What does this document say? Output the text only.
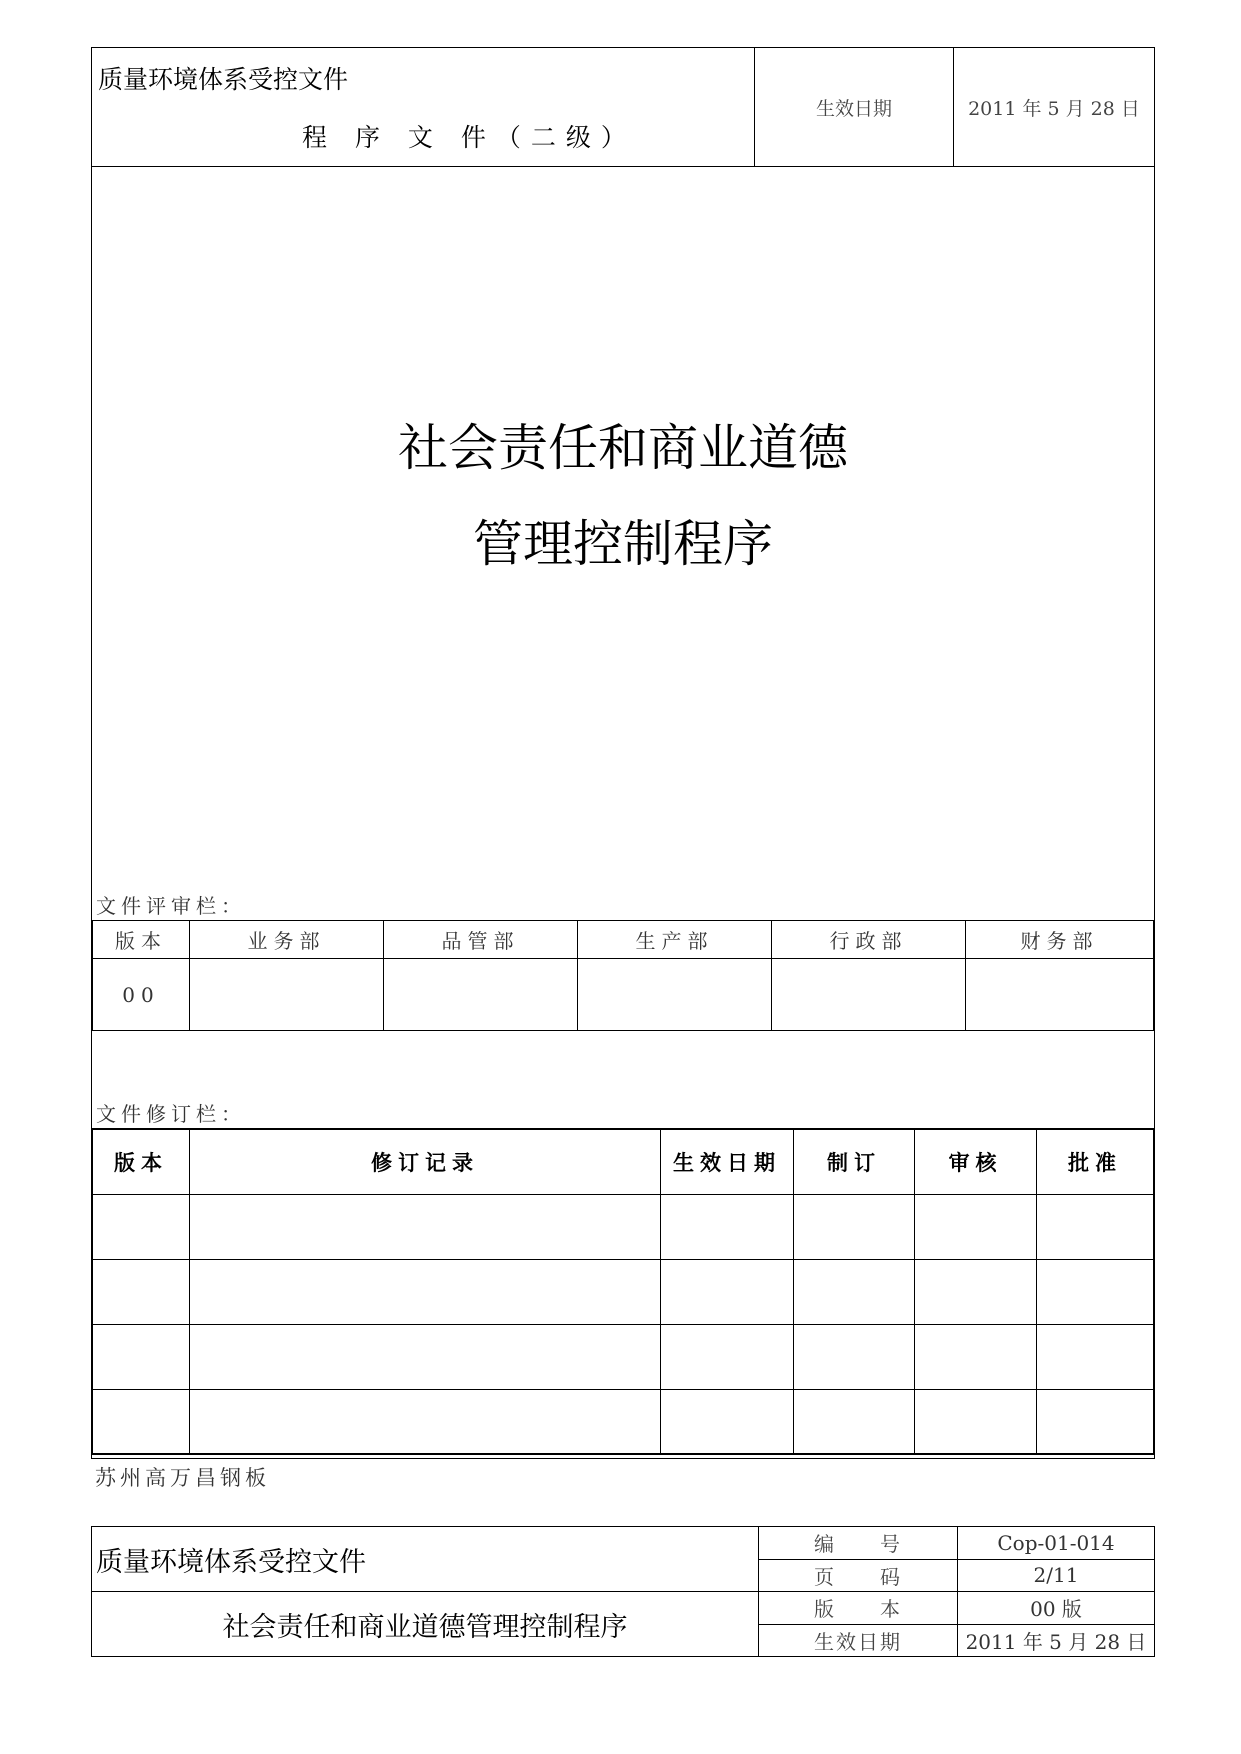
质量环境体系受控文件
程 序 文 件（二级）
	生效日期	2011 年 5 月 28 日
社会责任和商业道德
管理控制程序
文件评审栏：
版本	业务部	品管部	生产部	行政部	财务部
00					
文件修订栏：
版本	修订记录	生效日期	制订	审核	批准

苏州高万昌钢板
质量环境体系受控文件	编　　号	Cop-01-014
	页　　码	2/11
社会责任和商业道德管理控制程序	版　　本	00 版
	生效日期	2011 年 5 月 28 日
